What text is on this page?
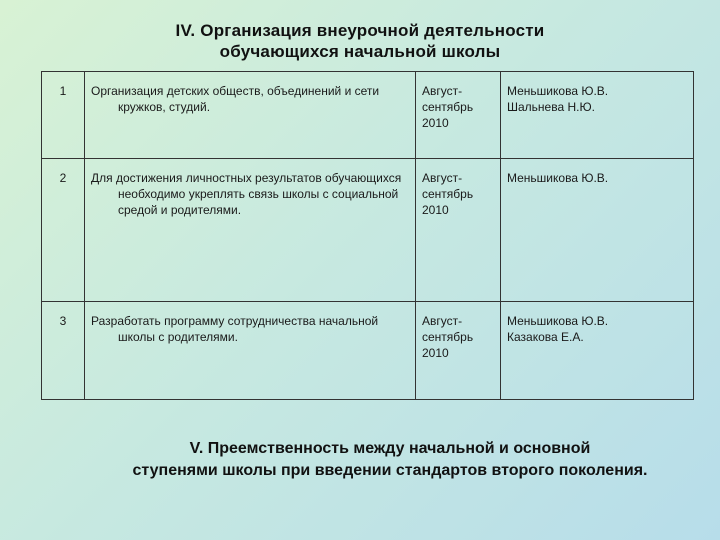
IV. Организация внеурочной деятельности
обучающихся начальной школы
1	Организация детских обществ, объединений и сети кружков, студий.	Август-
сентябрь
2010	Меньшикова Ю.В.
Шальнева Н.Ю.

2	Для достижения личностных результатов обучающихся необходимо укреплять связь школы с социальной средой и родителями.	Август-
сентябрь
2010	Меньшикова Ю.В.

3	Разработать программу сотрудничества начальной школы с родителями.	Август-
сентябрь
2010	Меньшикова Ю.В.
Казакова Е.А.
V. Преемственность между начальной и основной
ступенями школы при введении стандартов второго поколения.
